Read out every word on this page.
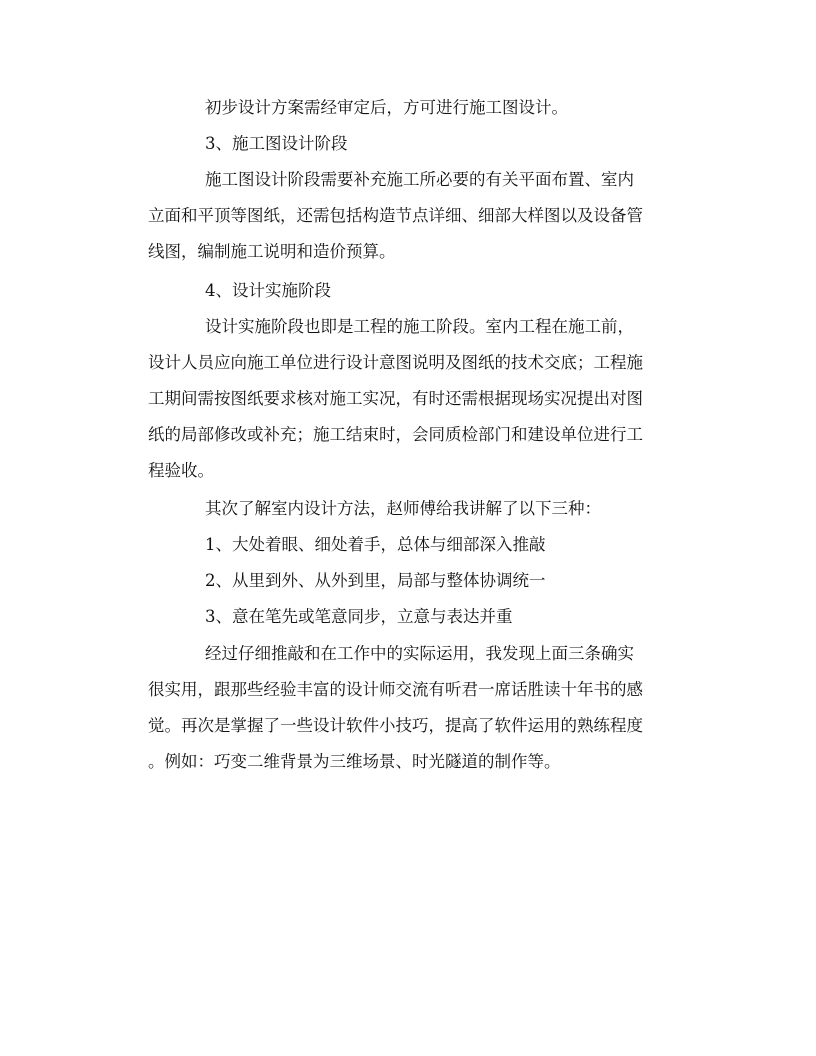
初步设计方案需经审定后，方可进行施工图设计。
3、施工图设计阶段
施工图设计阶段需要补充施工所必要的有关平面布置、室内
立面和平顶等图纸，还需包括构造节点详细、细部大样图以及设备管
线图，编制施工说明和造价预算。
4、设计实施阶段
设计实施阶段也即是工程的施工阶段。室内工程在施工前，
设计人员应向施工单位进行设计意图说明及图纸的技术交底；工程施
工期间需按图纸要求核对施工实况，有时还需根据现场实况提出对图
纸的局部修改或补充；施工结束时，会同质检部门和建设单位进行工
程验收。
其次了解室内设计方法，赵师傅给我讲解了以下三种：
1、大处着眼、细处着手，总体与细部深入推敲
2、从里到外、从外到里，局部与整体协调统一
3、意在笔先或笔意同步，立意与表达并重
经过仔细推敲和在工作中的实际运用，我发现上面三条确实
很实用，跟那些经验丰富的设计师交流有听君一席话胜读十年书的感
觉。再次是掌握了一些设计软件小技巧，提高了软件运用的熟练程度
。例如：巧变二维背景为三维场景、时光隧道的制作等。
